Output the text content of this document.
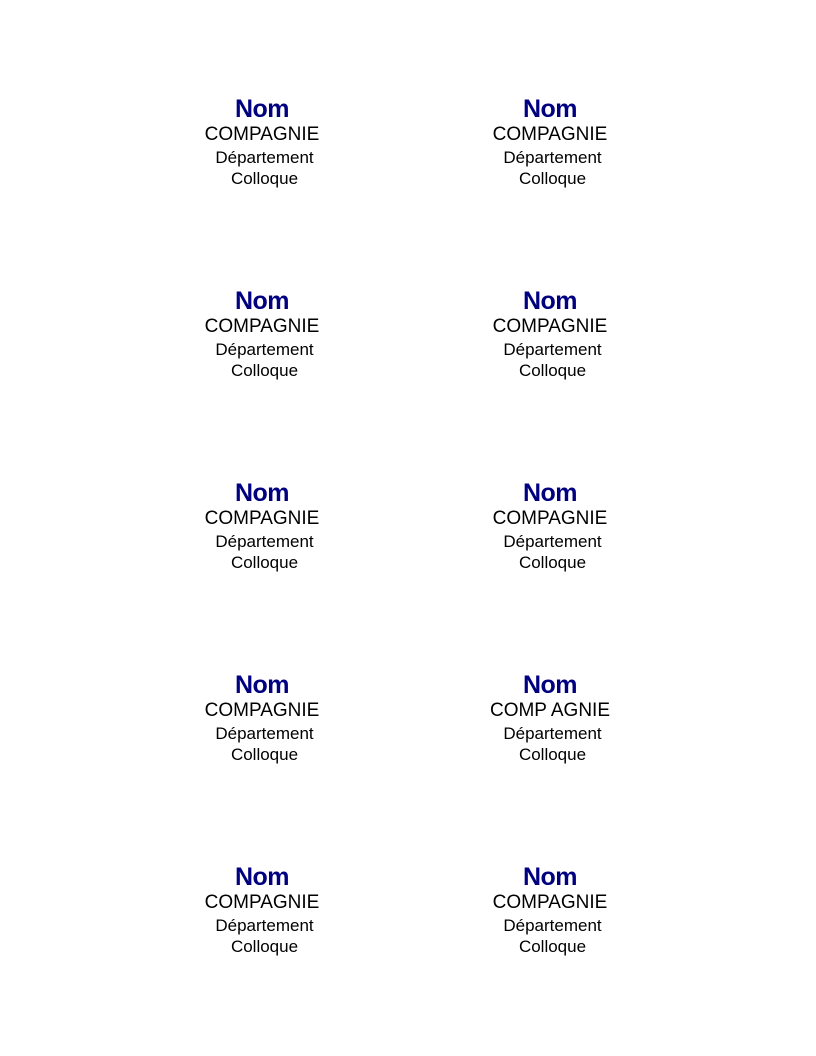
Nom
COMPAGNIE
Département
Colloque
Nom
COMPAGNIE
Département
Colloque
Nom
COMPAGNIE
Département
Colloque
Nom
COMPAGNIE
Département
Colloque
Nom
COMPAGNIE
Département
Colloque
Nom
COMPAGNIE
Département
Colloque
Nom
COMPAGNIE
Département
Colloque
Nom
COMP AGNIE
Département
Colloque
Nom
COMPAGNIE
Département
Colloque
Nom
COMPAGNIE
Département
Colloque
